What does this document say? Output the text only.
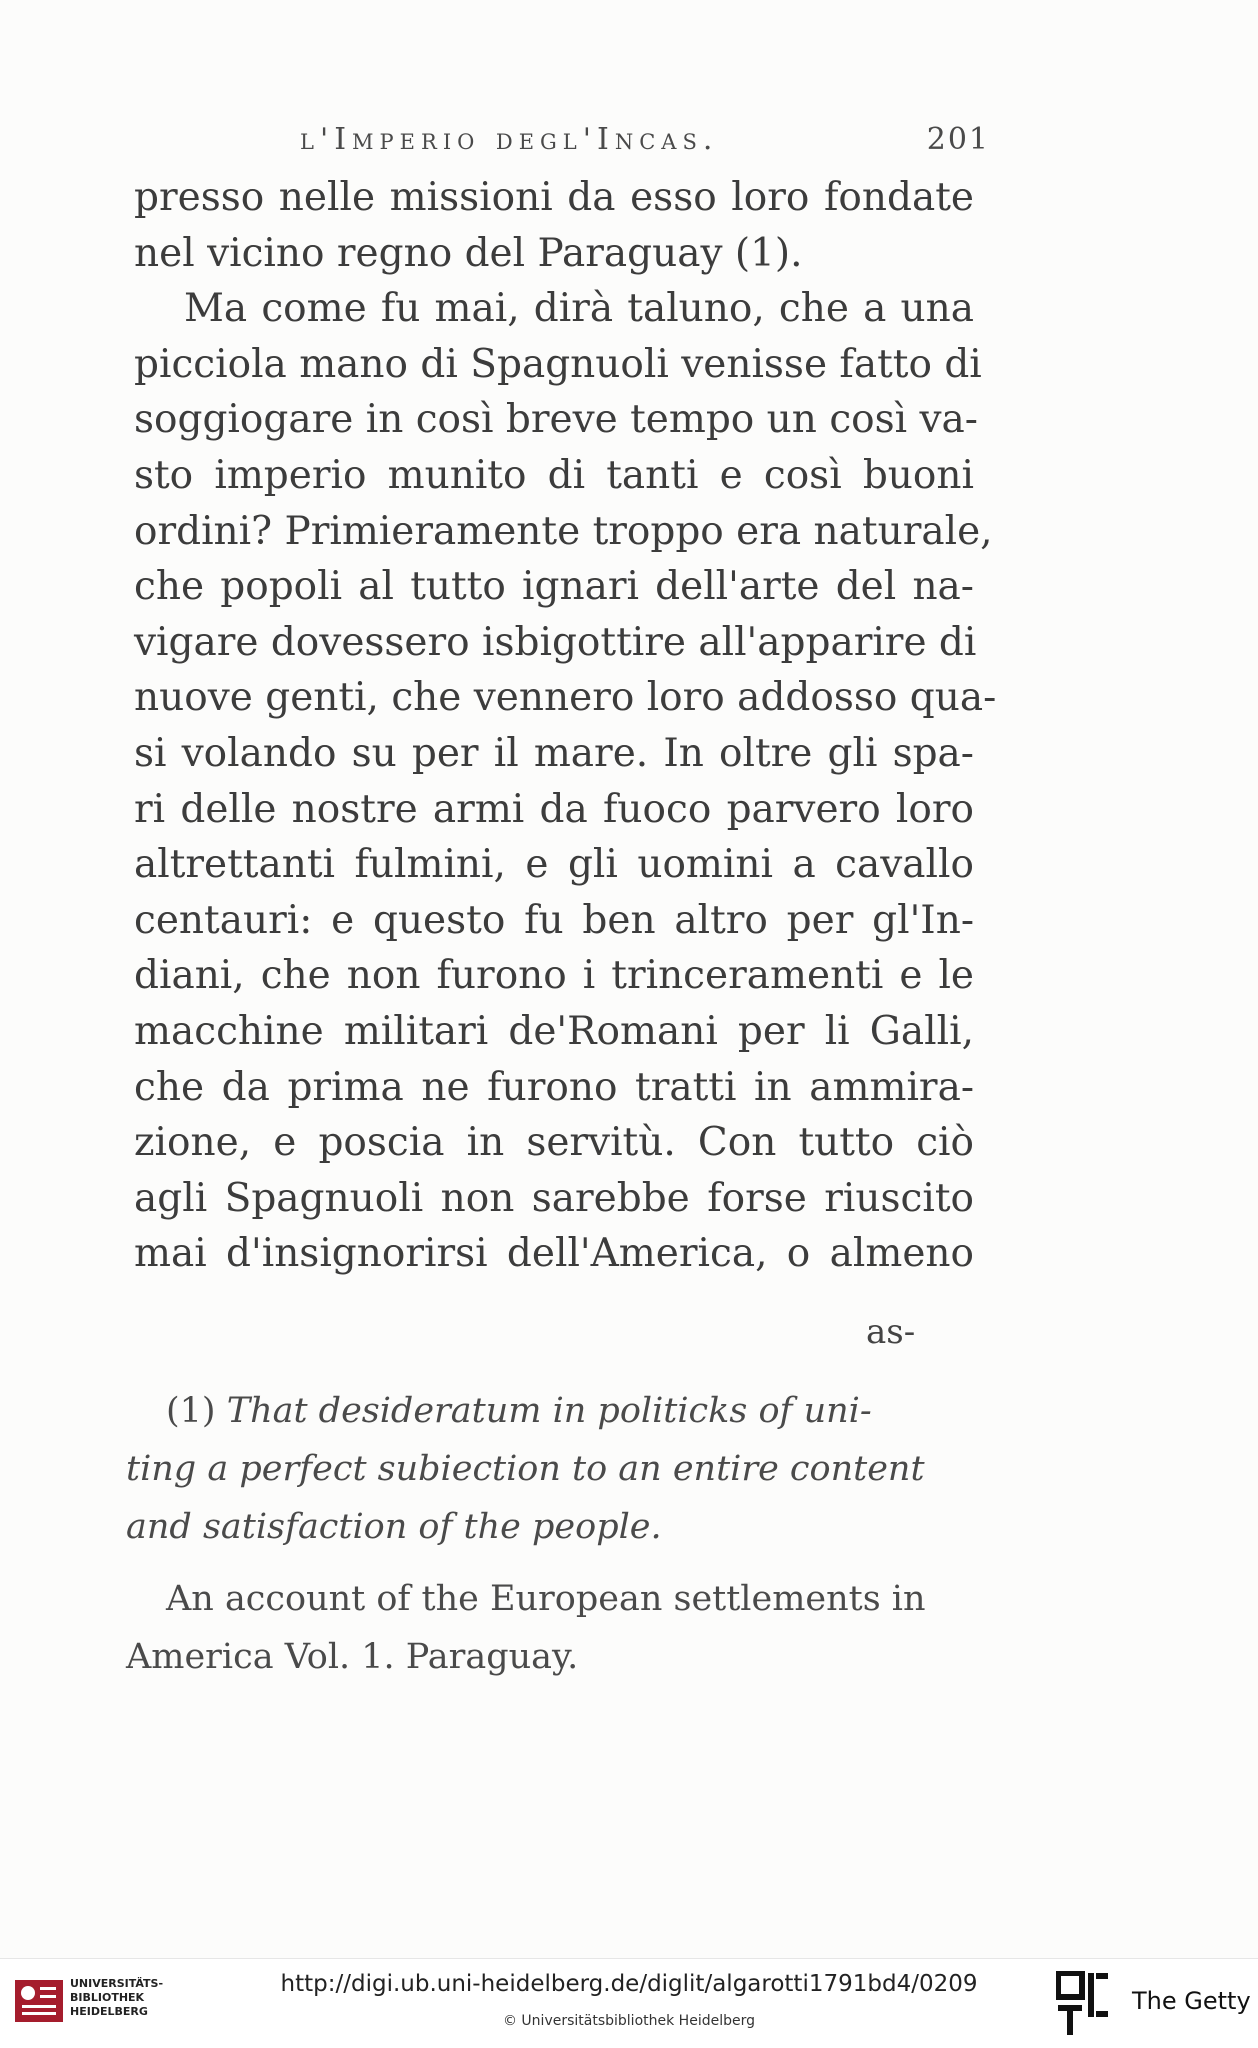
l'Imperio degl'Incas.	201
presso nelle missioni da esso loro fondate
nel vicino regno del Paraguay (1).
Ma come fu mai, dirà taluno, che a una
picciola mano di Spagnuoli venisse fatto di
soggiogare in così breve tempo un così va-
sto imperio munito di tanti e così buoni
ordini? Primieramente troppo era naturale,
che popoli al tutto ignari dell'arte del na-
vigare dovessero isbigottire all'apparire di
nuove genti, che vennero loro addosso qua-
si volando su per il mare. In oltre gli spa-
ri delle nostre armi da fuoco parvero loro
altrettanti fulmini, e gli uomini a cavallo
centauri: e questo fu ben altro per gl'In-
diani, che non furono i trinceramenti e le
macchine militari de'Romani per li Galli,
che da prima ne furono tratti in ammira-
zione, e poscia in servitù. Con tutto ciò
agli Spagnuoli non sarebbe forse riuscito
mai d'insignorirsi dell'America, o almeno
as-
(1) That desideratum in politicks of uni-
ting a perfect subiection to an entire content
and satisfaction of the people.
An account of the European settlements in
America Vol. 1. Paraguay.
UNIVERSITÄTS-
BIBLIOTHEK
HEIDELBERG
http://digi.ub.uni-heidelberg.de/diglit/algarotti1791bd4/0209
© Universitätsbibliothek Heidelberg
The Getty
